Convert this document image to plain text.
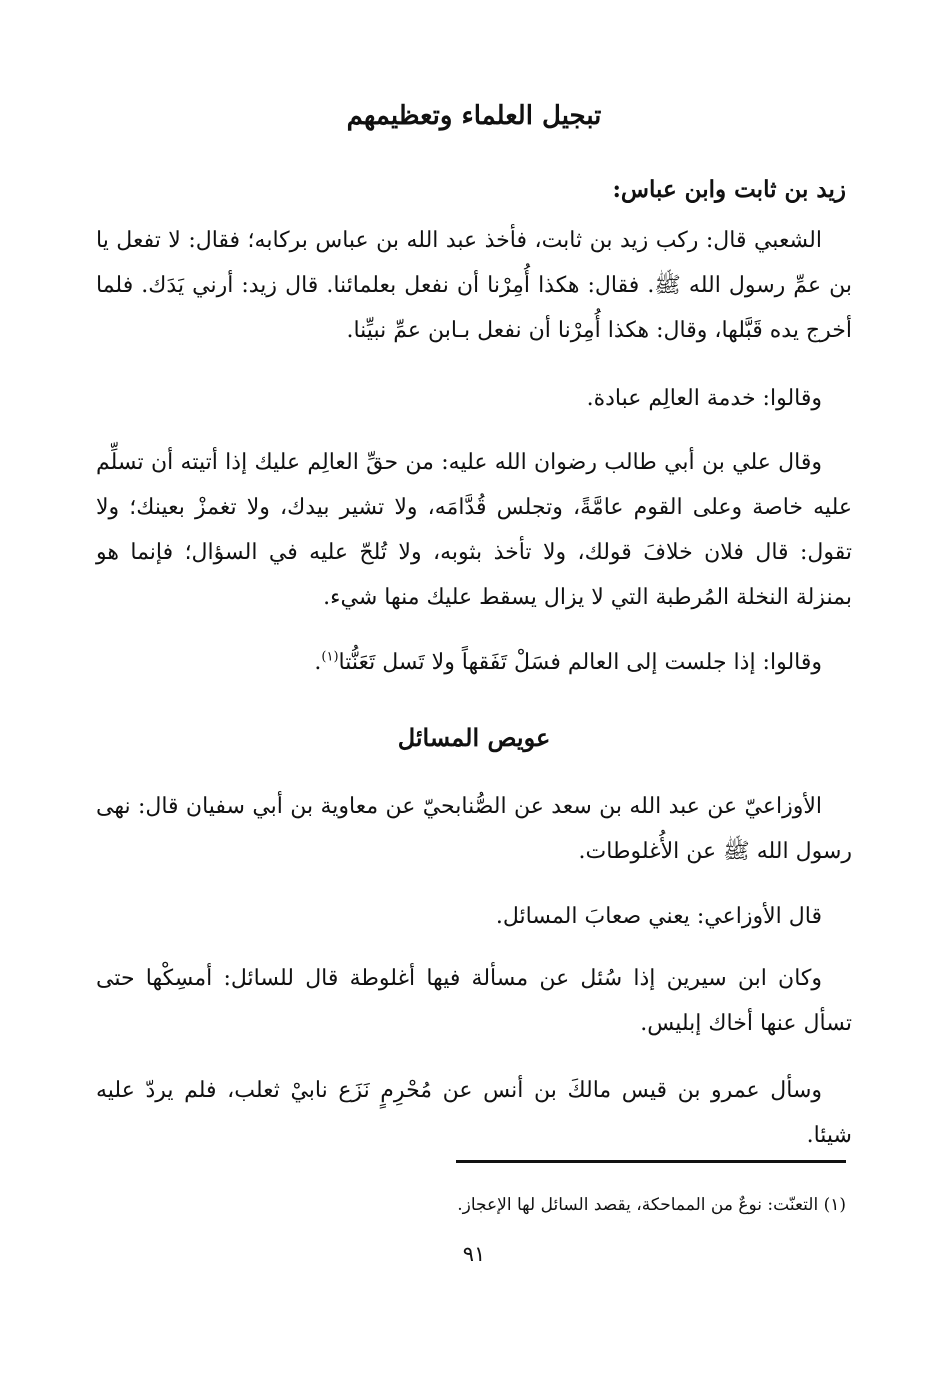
تبجيل العلماء وتعظيمهم
زيد بن ثابت وابن عباس:

الشعبي قال: ركب زيد بن ثابت، فأخذ عبد الله بن عباس بركابه؛ فقال: لا تفعل يا بن عمِّ رسول الله ﷺ. فقال: هكذا أُمِرْنا أن نفعل بعلمائنا. قال زيد: أرني يَدَك. فلما أخرج يده قَبَّلها، وقال: هكذا أُمِرْنا أن نفعل بـابن عمِّ نبيِّنا.

وقالوا: خدمة العالِم عبادة.

وقال علي بن أبي طالب رضوان الله عليه: من حقِّ العالِم عليك إذا أتيته أن تسلِّم عليه خاصة وعلى القوم عامَّةً، وتجلس قُدَّامَه، ولا تشير بيدك، ولا تغمزْ بعينك؛ ولا تقول: قال فلان خلافَ قولك، ولا تأخذ بثوبه، ولا تُلحّ عليه في السؤال؛ فإنما هو بمنزلة النخلة المُرطبة التي لا يزال يسقط عليك منها شيء.

وقالوا: إذا جلست إلى العالم فسَلْ تَفَقهاً ولا تَسل تَعَنُّتا$^{(١)}$.

عويص المسائل

الأوزاعيّ عن عبد الله بن سعد عن الصُّنابحيّ عن معاوية بن أبي سفيان قال: نهى رسول الله ﷺ عن الأُغلوطات.

قال الأوزاعي: يعني صعابَ المسائل.

وكان ابن سيرين إذا سُئل عن مسألة فيها أغلوطة قال للسائل: أمسِكْها حتى تسأل عنها أخاك إبليس.

وسأل عمرو بن قيس مالكَ بن أنس عن مُحْرِمٍ نَزَع نابيْ ثعلب، فلم يردّ عليه شيئا.

(١) التعنّت: نوعٌ من المماحكة، يقصد السائل لها الإعجاز.
٩١
